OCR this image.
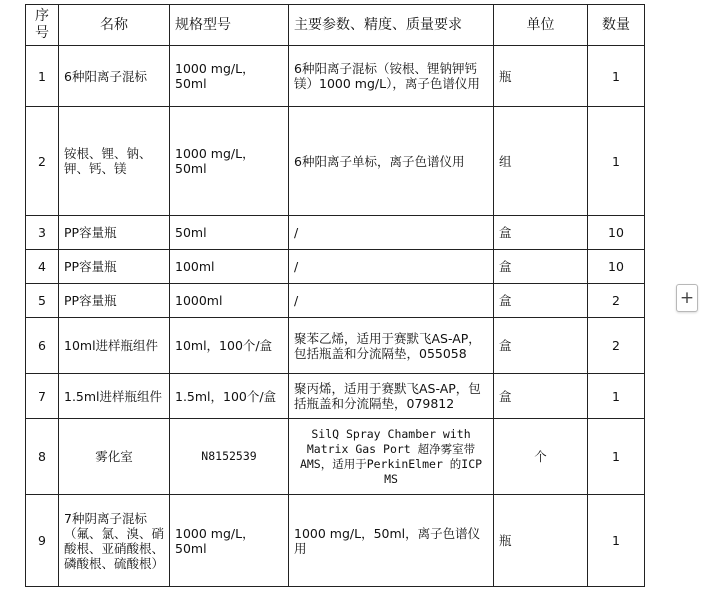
序号	名称	规格型号	主要参数、精度、质量要求	单位	数量
1	6种阳离子混标	1000 mg/L，50ml	6种阳离子混标（铵根、锂钠钾钙镁）1000 mg/L），离子色谱仪用	瓶	1
2	铵根、锂、钠、钾、钙、镁	1000 mg/L，50ml	6种阳离子单标，离子色谱仪用	组	1
3	PP容量瓶	50ml	/	盒	10
4	PP容量瓶	100ml	/	盒	10
5	PP容量瓶	1000ml	/	盒	2
6	10ml进样瓶组件	10ml，100个/盒	聚苯乙烯，适用于赛默飞AS-AP，包括瓶盖和分流隔垫，055058	盒	2
7	1.5ml进样瓶组件	1.5ml，100个/盒	聚丙烯，适用于赛默飞AS-AP，包括瓶盖和分流隔垫，079812	盒	1
8	雾化室	N8152539	SilQ Spray Chamber with Matrix Gas Port 超净雾室带AMS，适用于PerkinElmer 的ICP MS	个	1
9	7种阴离子混标（氟、氯、溴、硝酸根、亚硝酸根、磷酸根、硫酸根）	1000 mg/L，50ml	1000 mg/L，50ml，离子色谱仪用	瓶	1
+
